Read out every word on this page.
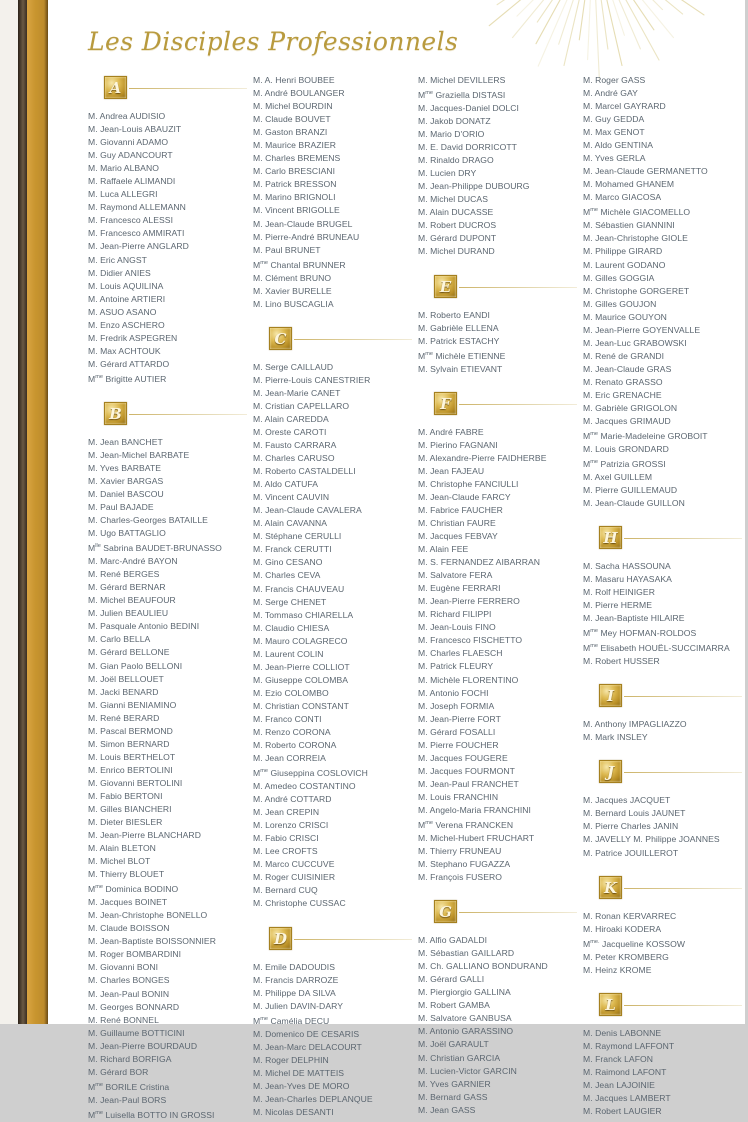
Les Disciples Professionnels
A
M. Andrea AUDISIO
M. Jean-Louis ABAUZIT
M. Giovanni ADAMO
M. Guy ADANCOURT
M. Mario ALBANO
M. Raffaele ALIMANDI
M. Luca ALLEGRI
M. Raymond ALLEMANN
M. Francesco ALESSI
M. Francesco AMMIRATI
M. Jean-Pierre ANGLARD
M. Eric ANGST
M. Didier ANIES
M. Louis AQUILINA
M. Antoine ARTIERI
M. ASUO ASANO
M. Enzo ASCHERO
M. Fredrik ASPEGREN
M. Max ACHTOUK
M. Gérard ATTARDO
$M^{me}$ Brigitte AUTIER
B
M. Jean BANCHET
M. Jean-Michel BARBATE
M. Yves BARBATE
M. Xavier BARGAS
M. Daniel BASCOU
M. Paul BAJADE
M. Charles-Georges BATAILLE
M. Ugo BATTAGLIO
$M^{lle}$ Sabrina BAUDET-BRUNASSO
M. Marc-André BAYON
M. René BERGES
M. Gérard BERNAR
M. Michel BEAUFOUR
M. Julien BEAULIEU
M. Pasquale Antonio BEDINI
M. Carlo BELLA
M. Gérard BELLONE
M. Gian Paolo BELLONI
M. Joël BELLOUET
M. Jacki BENARD
M. Gianni BENIAMINO
M. René BERARD
M. Pascal BERMOND
M. Simon BERNARD
M. Louis BERTHELOT
M. Enrico BERTOLINI
M. Giovanni BERTOLINI
M. Fabio BERTONI
M. Gilles BIANCHERI
M. Dieter BIESLER
M. Jean-Pierre BLANCHARD
M. Alain BLETON
M. Michel BLOT
M. Thierry BLOUET
$M^{me}$ Dominica BODINO
M. Jacques BOINET
M. Jean-Christophe BONELLO
M. Claude BOISSON
M. Jean-Baptiste BOISSONNIER
M. Roger BOMBARDINI
M. Giovanni BONI
M. Charles BONGES
M. Jean-Paul BONIN
M. Georges BONNARD
M. René BONNEL
M. Guillaume BOTTICINI
M. Jean-Pierre BOURDAUD
M. Richard BORFIGA
M. Gérard BOR
$M^{me}$ BORILE Cristina
M. Jean-Paul BORS
$M^{me}$ Luisella BOTTO IN GROSSI
M. A. Henri BOUBEE
M. André BOULANGER
M. Michel BOURDIN
M. Claude BOUVET
M. Gaston BRANZI
M. Maurice BRAZIER
M. Charles BREMENS
M. Carlo BRESCIANI
M. Patrick BRESSON
M. Marino BRIGNOLI
M. Vincent BRIGOLLE
M. Jean-Claude BRUGEL
M. Pierre-André BRUNEAU
M. Paul BRUNET
$M^{me}$ Chantal BRUNNER
M. Clément BRUNO
M. Xavier BURELLE
M. Lino BUSCAGLIA
C
M. Serge CAILLAUD
M. Pierre-Louis CANESTRIER
M. Jean-Marie CANET
M. Cristian CAPELLARO
M. Alain CAREDDA
M. Oreste CAROTI
M. Fausto CARRARA
M. Charles CARUSO
M. Roberto CASTALDELLI
M. Aldo CATUFA
M. Vincent CAUVIN
M. Jean-Claude CAVALERA
M. Alain CAVANNA
M. Stéphane CERULLI
M. Franck CERUTTI
M. Gino CESANO
M. Charles CEVA
M. Francis CHAUVEAU
M. Serge CHENET
M. Tommaso CHIARELLA
M. Claudio CHIESA
M. Mauro COLAGRECO
M. Laurent COLIN
M. Jean-Pierre COLLIOT
M. Giuseppe COLOMBA
M. Ezio COLOMBO
M. Christian CONSTANT
M. Franco CONTI
M. Renzo CORONA
M. Roberto CORONA
M. Jean CORREIA
$M^{me}$ Giuseppina COSLOVICH
M. Amedeo COSTANTINO
M. André COTTARD
M. Jean CREPIN
M. Lorenzo CRISCI
M. Fabio CRISCI
M. Lee CROFTS
M. Marco CUCCUVE
M. Roger CUISINIER
M. Bernard CUQ
M. Christophe CUSSAC
D
M. Emile DADOUDIS
M. Francis DARROZE
M. Philippe DA SILVA
M. Julien DAVIN-DARY
$M^{me}$ Camélia DECU
M. Domenico DE CESARIS
M. Jean-Marc DELACOURT
M. Roger DELPHIN
M. Michel DE MATTEIS
M. Jean-Yves DE MORO
M. Jean-Charles DEPLANQUE
M. Nicolas DESANTI
M. Michel DEVILLERS
$M^{me}$ Graziella DISTASI
M. Jacques-Daniel DOLCI
M. Jakob DONATZ
M. Mario D'ORIO
M. E. David DORRICOTT
M. Rinaldo DRAGO
M. Lucien DRY
M. Jean-Philippe DUBOURG
M. Michel DUCAS
M. Alain DUCASSE
M. Robert DUCROS
M. Gérard DUPONT
M. Michel DURAND
E
M. Roberto EANDI
M. Gabrièle ELLENA
M. Patrick ESTACHY
$M^{me}$ Michèle ETIENNE
M. Sylvain ETIEVANT
F
M. André FABRE
M. Pierino FAGNANI
M. Alexandre-Pierre FAIDHERBE
M. Jean FAJEAU
M. Christophe FANCIULLI
M. Jean-Claude FARCY
M. Fabrice FAUCHER
M. Christian FAURE
M. Jacques FEBVAY
M. Alain FEE
M. S. FERNANDEZ AIBARRAN
M. Salvatore FERA
M. Eugène FERRARI
M. Jean-Pierre FERRERO
M. Richard FILIPPI
M. Jean-Louis FINO
M. Francesco FISCHETTO
M. Charles FLAESCH
M. Patrick FLEURY
M. Michèle FLORENTINO
M. Antonio FOCHI
M. Joseph FORMIA
M. Jean-Pierre FORT
M. Gérard FOSALLI
M. Pierre FOUCHER
M. Jacques FOUGERE
M. Jacques FOURMONT
M. Jean-Paul FRANCHET
M. Louis FRANCHIN
M. Angelo-Maria FRANCHINI
$M^{me}$ Verena FRANCKEN
M. Michel-Hubert FRUCHART
M. Thierry FRUNEAU
M. Stephano FUGAZZA
M. François FUSERO
G
M. Alfio GADALDI
M. Sébastian GAILLARD
M. Ch. GALLIANO BONDURAND
M. Gérard GALLI
M. Piergiorgio GALLINA
M. Robert GAMBA
M. Salvatore GANBUSA
M. Antonio GARASSINO
M. Joël GARAULT
M. Christian GARCIA
M. Lucien-Victor GARCIN
M. Yves GARNIER
M. Bernard GASS
M. Jean GASS
M. Roger GASS
M. André GAY
M. Marcel GAYRARD
M. Guy GEDDA
M. Max GENOT
M. Aldo GENTINA
M. Yves GERLA
M. Jean-Claude GERMANETTO
M. Mohamed GHANEM
M. Marco GIACOSA
$M^{me}$ Michèle GIACOMELLO
M. Sébastien GIANNINI
M. Jean-Christophe GIOLE
M. Philippe GIRARD
M. Laurent GODANO
M. Gilles GOGGIA
M. Christophe GORGERET
M. Gilles GOUJON
M. Maurice GOUYON
M. Jean-Pierre GOYENVALLE
M. Jean-Luc GRABOWSKI
M. René de GRANDI
M. Jean-Claude GRAS
M. Renato GRASSO
M. Eric GRENACHE
M. Gabrièle GRIGOLON
M. Jacques GRIMAUD
$M^{me}$ Marie-Madeleine GROBOIT
M. Louis GRONDARD
$M^{me}$ Patrizia GROSSI
M. Axel GUILLEM
M. Pierre GUILLEMAUD
M. Jean-Claude GUILLON
H
M. Sacha HASSOUNA
M. Masaru HAYASAKA
M. Rolf HEINIGER
M. Pierre HERME
M. Jean-Baptiste HILAIRE
$M^{me}$ Mey HOFMAN-ROLDOS
$M^{me}$ Elisabeth HOUËL-SUCCIMARRA
M. Robert HUSSER
I
M. Anthony IMPAGLIAZZO
M. Mark INSLEY
J
M. Jacques JACQUET
M. Bernard Louis JAUNET
M. Pierre Charles JANIN
M. JAVELLY M. Philippe JOANNES
M. Patrice JOUILLEROT
K
M. Ronan KERVARREC
M. Hiroaki KODERA
$M^{me.}$ Jacqueline KOSSOW
M. Peter KROMBERG
M. Heinz KROME
L
M. Denis LABONNE
M. Raymond LAFFONT
M. Franck LAFON
M. Raimond LAFONT
M. Jean LAJOINIE
M. Jacques LAMBERT
M. Robert LAUGIER
